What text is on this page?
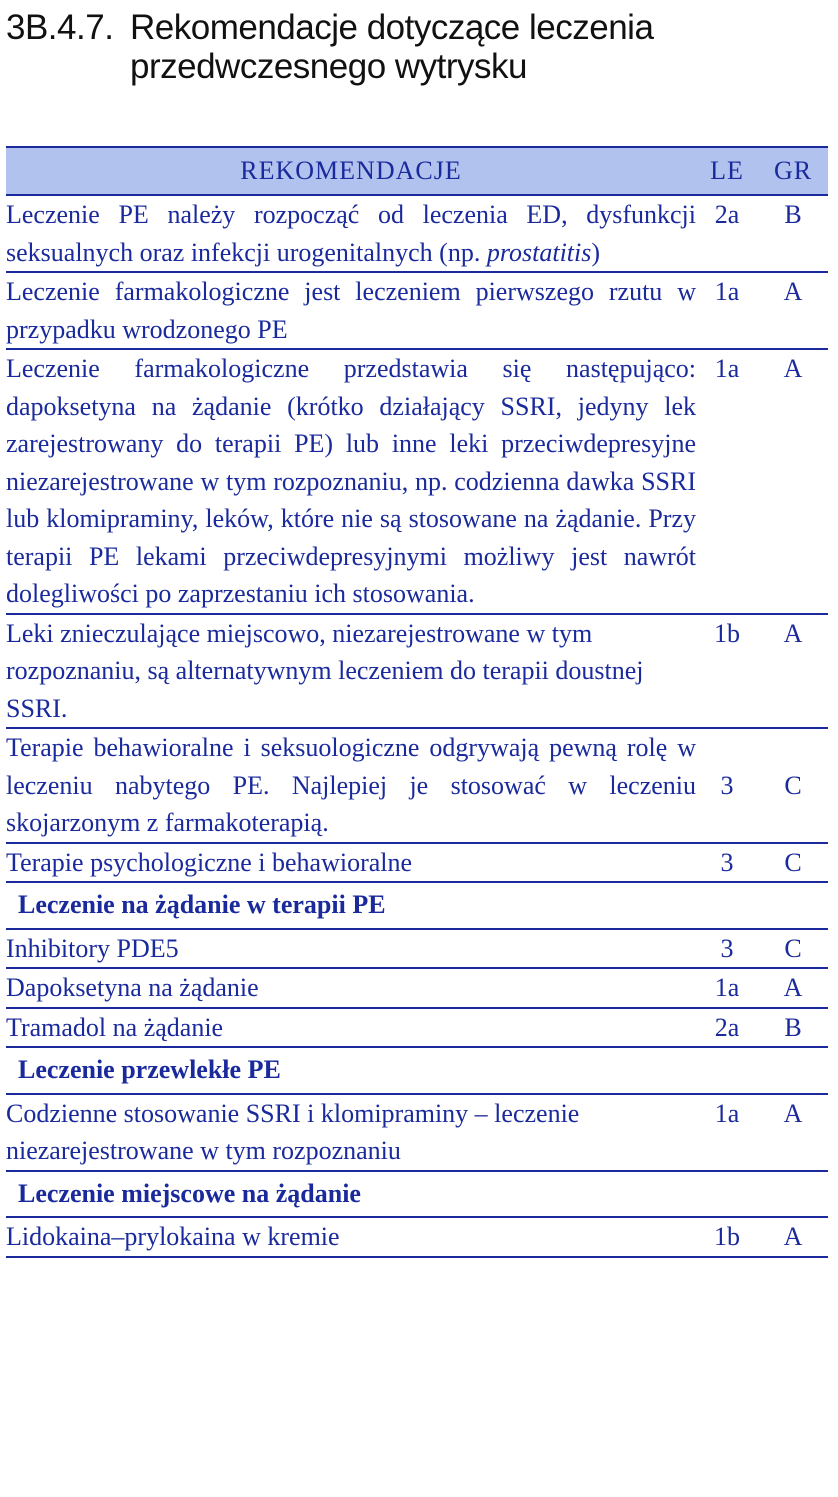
3B.4.7. Rekomendacje dotyczące leczenia
przedwczesnego wytrysku
REKOMENDACJE	LE	GR
Leczenie PE należy rozpocząć od leczenia ED, dysfunkcji seksualnych oraz infekcji urogenitalnych (np. prostatitis)	2a	B
Leczenie farmakologiczne jest leczeniem pierwszego rzutu w przypadku wrodzonego PE	1a	A
Leczenie farmakologiczne przedstawia się następująco: dapoksetyna na żądanie (krótko działający SSRI, jedyny lek zarejestrowany do terapii PE) lub inne leki przeciwdepresyjne niezarejestrowane w tym rozpoznaniu, np. codzienna dawka SSRI lub klomipraminy, leków, które nie są stosowane na żądanie. Przy terapii PE lekami przeciwdepresyjnymi możliwy jest nawrót dolegliwości po zaprzestaniu ich stosowania.	1a	A
Leki znieczulające miejscowo, niezarejestrowane w tym rozpoznaniu, są alternatywnym leczeniem do terapii doustnej SSRI.	1b	A
Terapie behawioralne i seksuologiczne odgrywają pewną rolę w leczeniu nabytego PE. Najlepiej je stosować w leczeniu skojarzonym z farmakoterapią.	3	C
Terapie psychologiczne i behawioralne	3	C
Leczenie na żądanie w terapii PE		
Inhibitory PDE5	3	C
Dapoksetyna na żądanie	1a	A
Tramadol na żądanie	2a	B
Leczenie przewlekłe PE		
Codzienne stosowanie SSRI i klomipraminy – leczenie niezarejestrowane w tym rozpoznaniu	1a	A
Leczenie miejscowe na żądanie		
Lidokaina–prylokaina w kremie	1b	A
